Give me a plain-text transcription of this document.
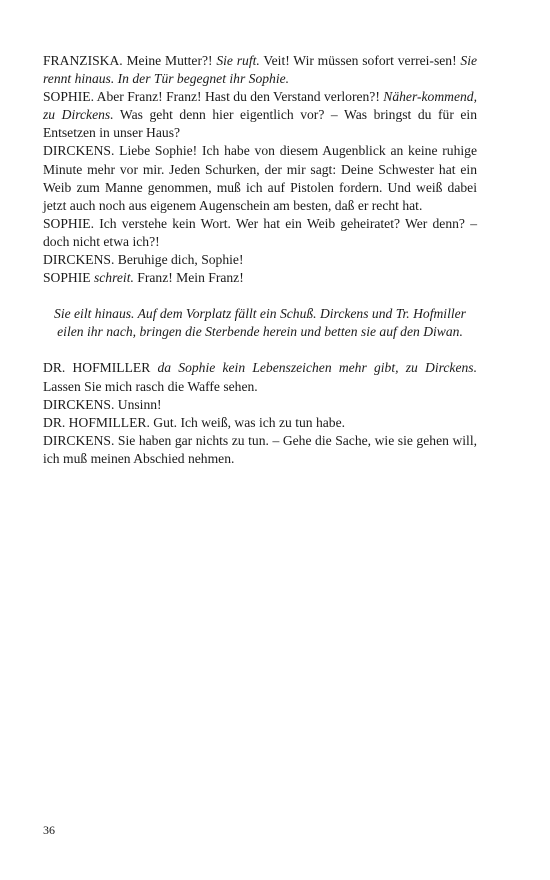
FRANZISKA. Meine Mutter?! Sie ruft. Veit! Wir müssen sofort verrei-sen! Sie rennt hinaus. In der Tür begegnet ihr Sophie.

SOPHIE. Aber Franz! Franz! Hast du den Verstand verloren?! Näher-kommend, zu Dirckens. Was geht denn hier eigentlich vor? – Was bringst du für ein Entsetzen in unser Haus?

DIRCKENS. Liebe Sophie! Ich habe von diesem Augenblick an keine ruhige Minute mehr vor mir. Jeden Schurken, der mir sagt: Deine Schwester hat ein Weib zum Manne genommen, muß ich auf Pistolen fordern. Und weiß dabei jetzt auch noch aus eigenem Augenschein am besten, daß er recht hat.

SOPHIE. Ich verstehe kein Wort. Wer hat ein Weib geheiratet? Wer denn? – doch nicht etwa ich?!

DIRCKENS. Beruhige dich, Sophie!

SOPHIE schreit. Franz! Mein Franz!

Sie eilt hinaus. Auf dem Vorplatz fällt ein Schuß. Dirckens und Tr. Hofmiller eilen ihr nach, bringen die Sterbende herein und betten sie auf den Diwan.

DR. HOFMILLER da Sophie kein Lebenszeichen mehr gibt, zu Dirckens. Lassen Sie mich rasch die Waffe sehen.

DIRCKENS. Unsinn!

DR. HOFMILLER. Gut. Ich weiß, was ich zu tun habe.

DIRCKENS. Sie haben gar nichts zu tun. – Gehe die Sache, wie sie gehen will, ich muß meinen Abschied nehmen.

36
